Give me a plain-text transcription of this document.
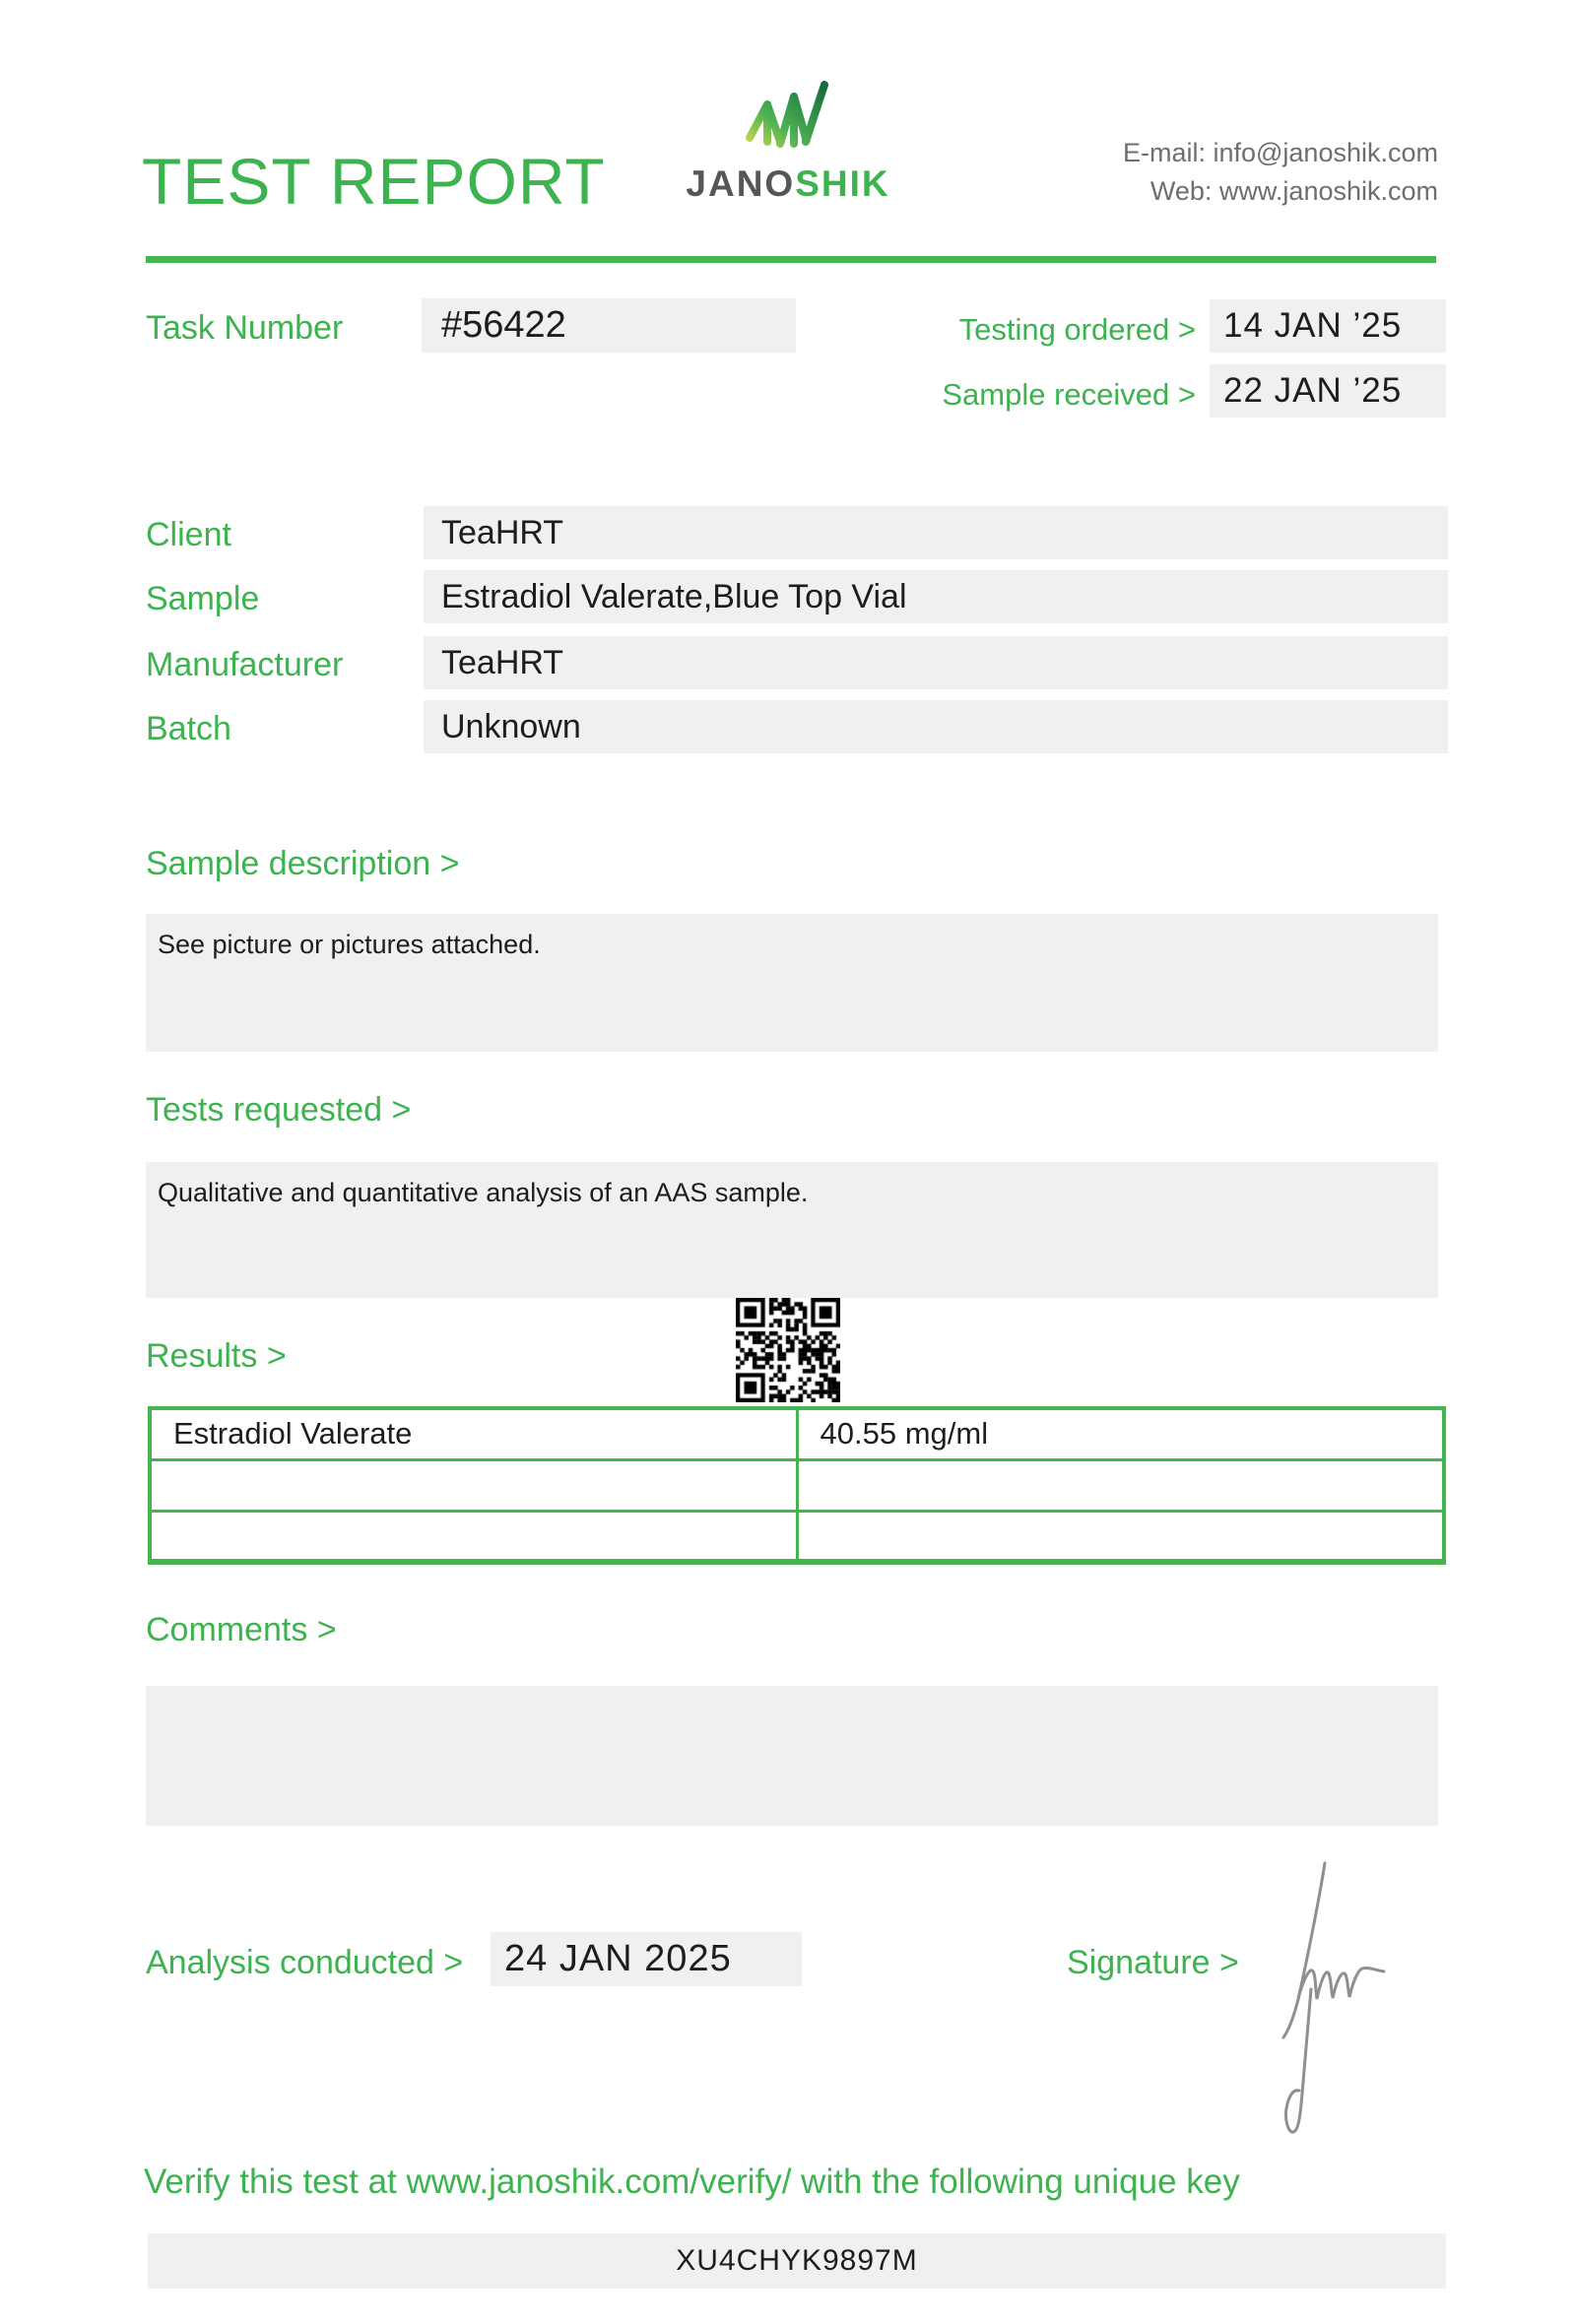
TEST REPORT	JANOSHIK
E-mail: info@janoshik.com
Web: www.janoshik.com
Task Number	#56422	Testing ordered > 14 JAN ’25
Sample received > 22 JAN ’25
Client	TeaHRT
Sample	Estradiol Valerate,Blue Top Vial
Manufacturer	TeaHRT
Batch	Unknown
Sample description >
See picture or pictures attached.
Tests requested >
Qualitative and quantitative analysis of an AAS sample.
Results >
Estradiol Valerate	40.55 mg/ml

Comments >
Analysis conducted >	24 JAN 2025	Signature >
Verify this test at www.janoshik.com/verify/ with the following unique key
XU4CHYK9897M
